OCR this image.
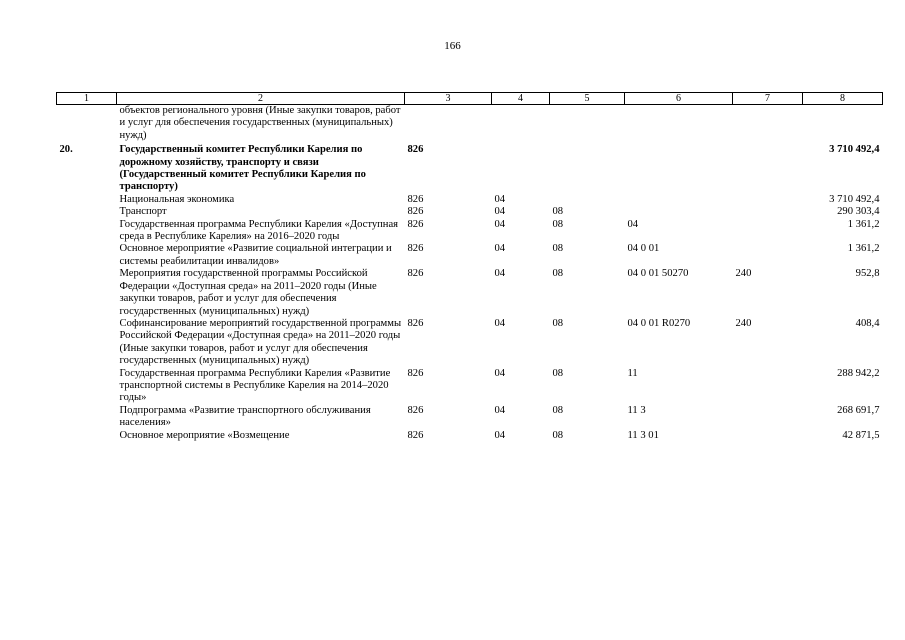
166
1	2	3	4	5	6	7	8
	объектов регионального уровня (Иные закупки товаров, работ и услуг для обеспечения государственных (муниципальных) нужд)						
20.	Государственный комитет Республики Карелия по дорожному хозяйству, транспорту и связи (Государственный комитет Республики Карелия по транспорту)	826					3 710 492,4
	Национальная экономика	826	04				3 710 492,4
	Транспорт	826	04	08			290 303,4
	Государственная программа Республики Карелия «Доступная среда в Республике Карелия» на 2016–2020 годы	826	04	08	04		1 361,2
	Основное мероприятие «Развитие социальной интеграции и системы реабилитации инвалидов»	826	04	08	04 0 01		1 361,2
	Мероприятия государственной программы Российской Федерации «Доступная среда» на 2011–2020 годы (Иные закупки товаров, работ и услуг для обеспечения государственных (муниципальных) нужд)	826	04	08	04 0 01 50270	240	952,8
	Софинансирование мероприятий государственной программы Российской Федерации «Доступная среда» на 2011–2020 годы (Иные закупки товаров, работ и услуг для обеспечения государственных (муниципальных) нужд)	826	04	08	04 0 01 R0270	240	408,4
	Государственная программа Республики Карелия «Развитие транспортной системы в Республике Карелия на 2014–2020 годы»	826	04	08	11		288 942,2
	Подпрограмма «Развитие транспортного обслуживания населения»	826	04	08	11 3		268 691,7
	Основное мероприятие «Возмещение	826	04	08	11 3 01		42 871,5
